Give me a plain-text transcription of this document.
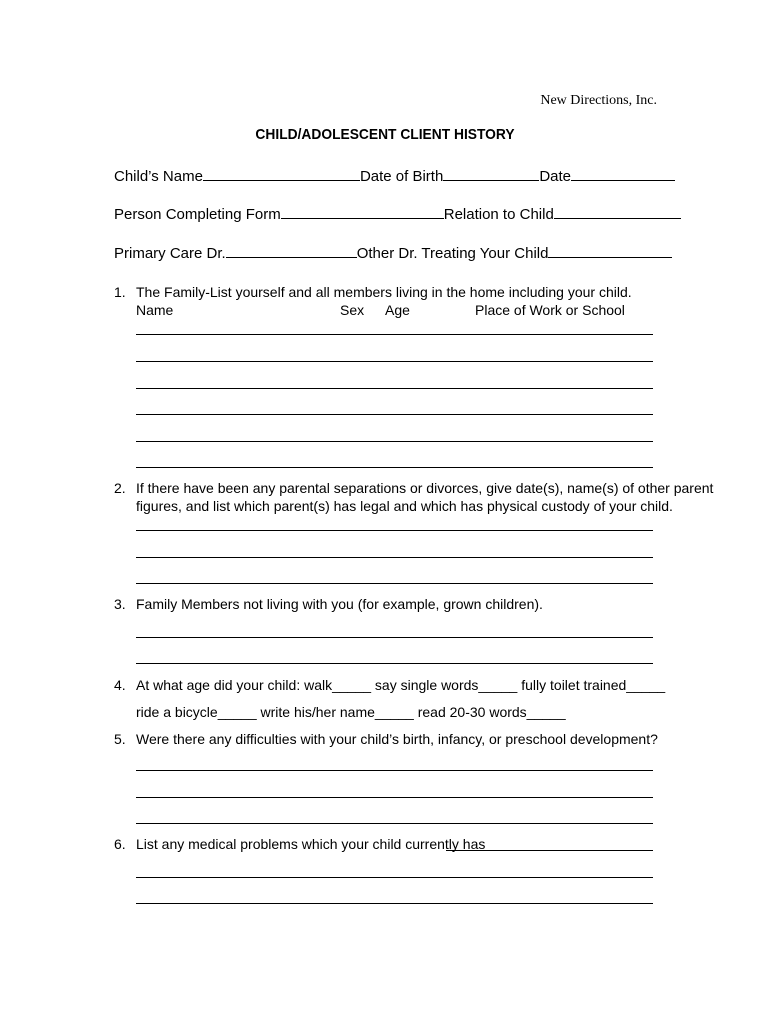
New Directions, Inc.
CHILD/ADOLESCENT CLIENT HISTORY
Child’s Name	Date of Birth	Date
Person Completing Form	Relation to Child
Primary Care Dr.	Other Dr. Treating Your Child
1. The Family-List yourself and all members living in the home including your child.
Name	Sex Age	Place of Work or School
2. If there have been any parental separations or divorces, give date(s), name(s) of other parent
figures, and list which parent(s) has legal and which has physical custody of your child.
3. Family Members not living with you (for example, grown children).
4. At what age did your child: walk_____ say single words_____ fully toilet trained_____
ride a bicycle_____ write his/her name_____ read 20-30 words_____
5. Were there any difficulties with your child’s birth, infancy, or preschool development?
6. List any medical problems which your child currently has
